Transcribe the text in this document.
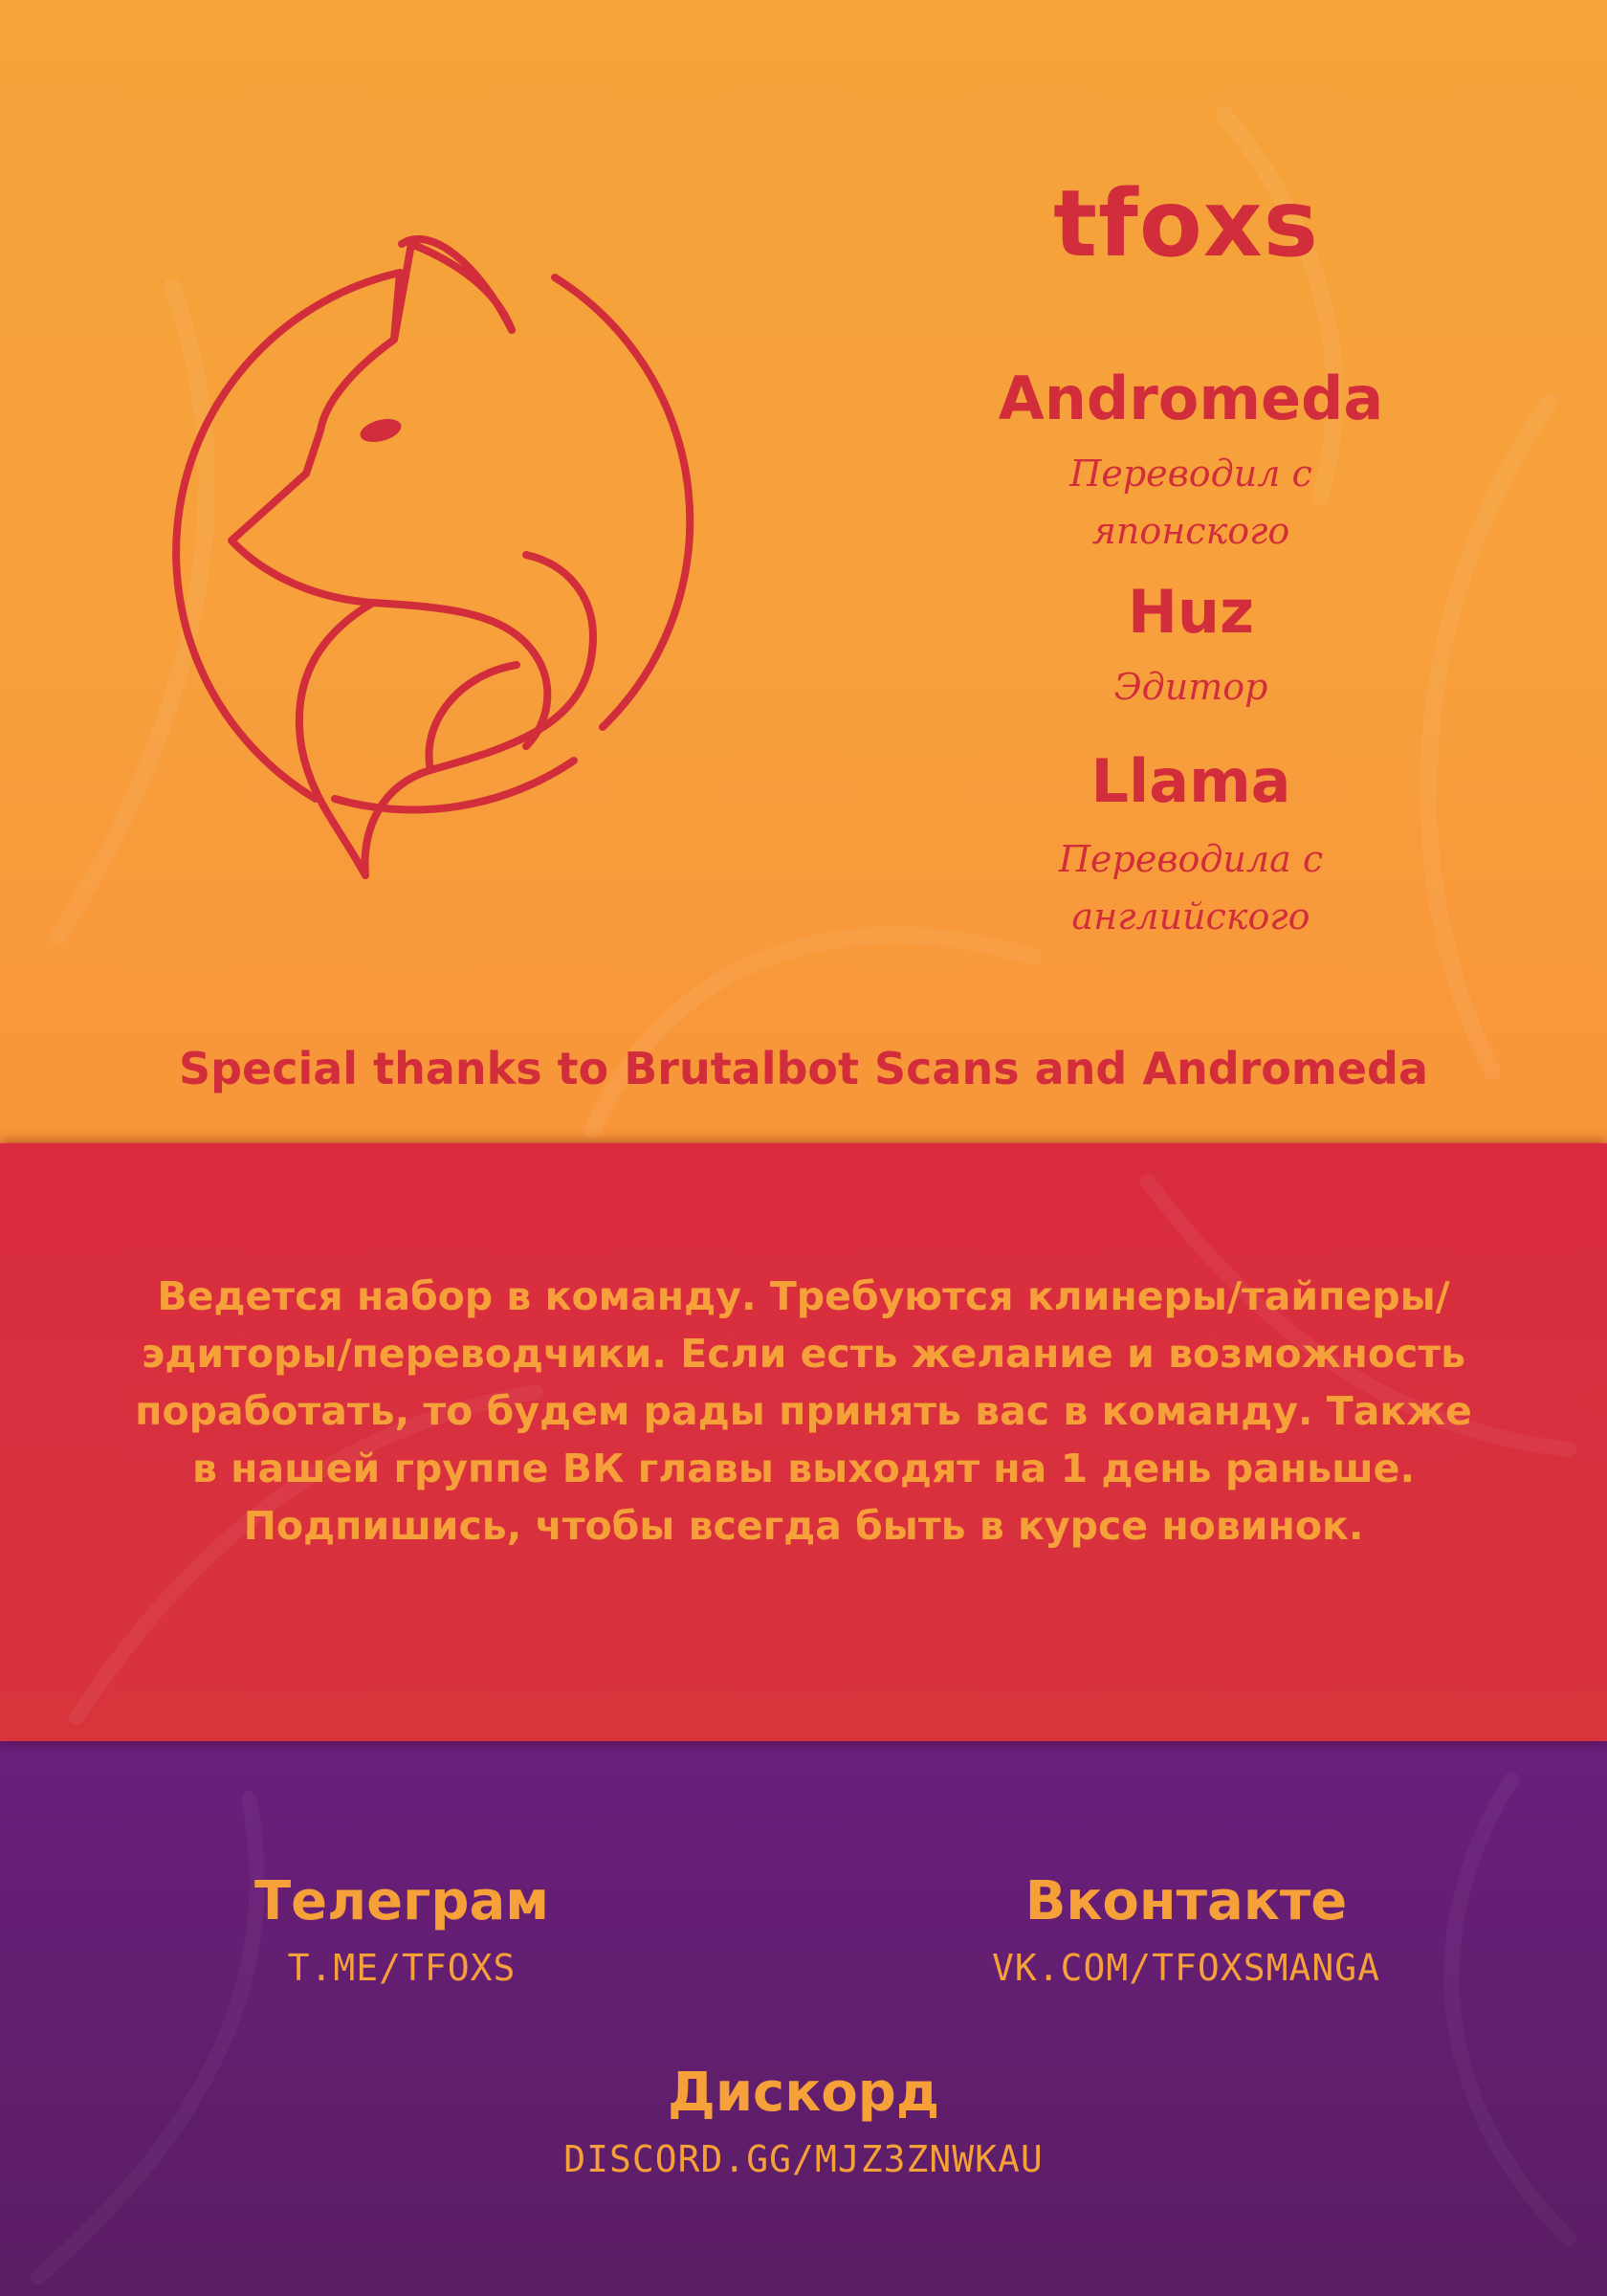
tfoxs
Andromeda
Переводил с японского
Huz
Эдитор
Llama
Переводила с английского
Special thanks to Brutalbot Scans and Andromeda
Ведется набор в команду. Требуются клинеры/тайперы/эдиторы/переводчики. Если есть желание и возможность поработать, то будем рады принять вас в команду. Также в нашей группе ВК главы выходят на 1 день раньше. Подпишись, чтобы всегда быть в курсе новинок.
Телеграм
T.ME/TFOXS
Вконтакте
VK.COM/TFOXSMANGA
Дискорд
DISCORD.GG/MJZ3ZNWKAU
